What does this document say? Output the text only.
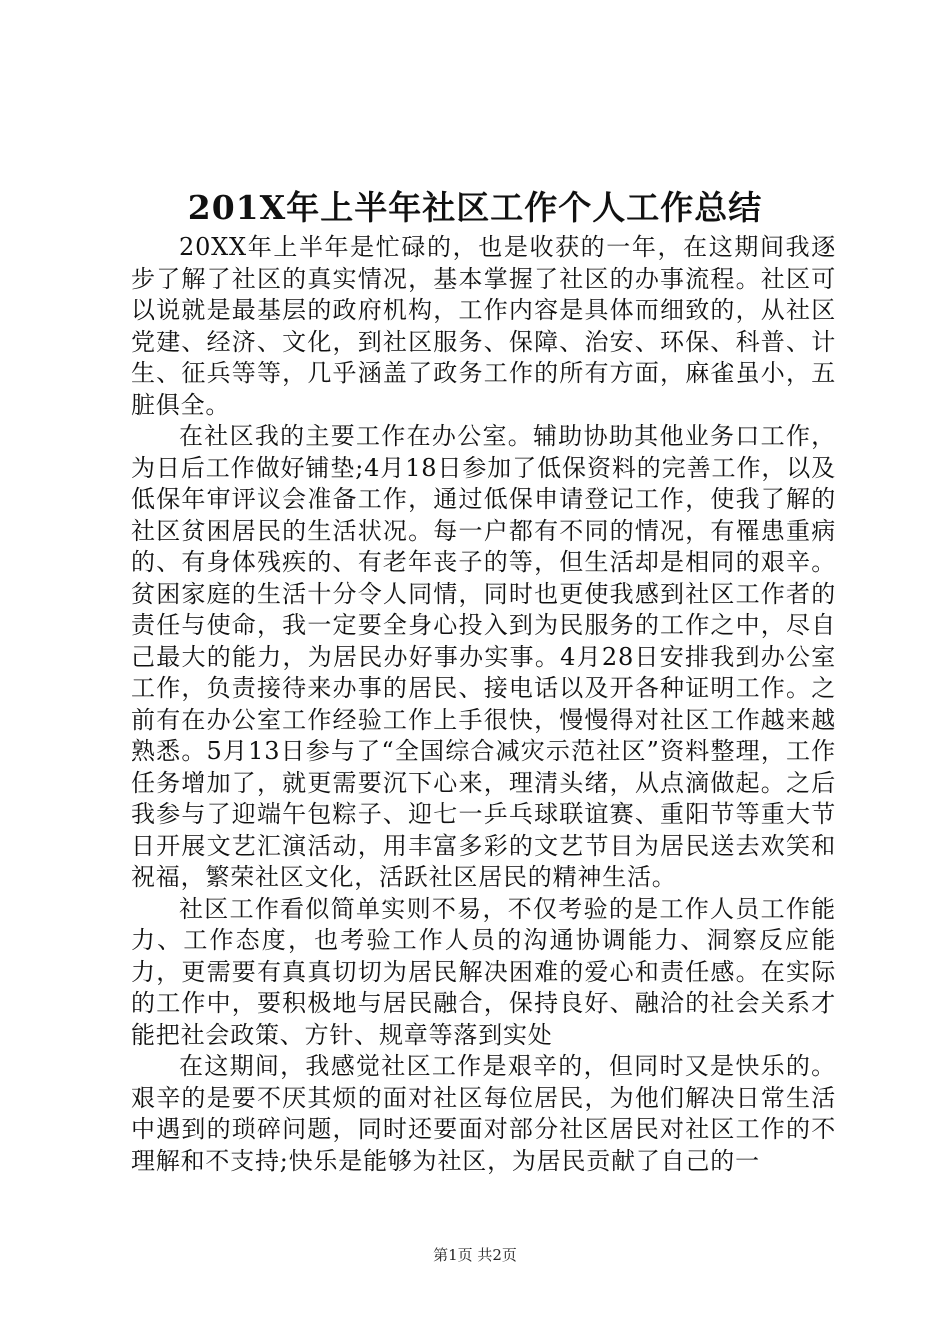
201X年上半年社区工作个人工作总结

20XX年上半年是忙碌的，也是收获的一年，在这期间我逐步了解了社区的真实情况，基本掌握了社区的办事流程。社区可以说就是最基层的政府机构，工作内容是具体而细致的，从社区党建、经济、文化，到社区服务、保障、治安、环保、科普、计生、征兵等等，几乎涵盖了政务工作的所有方面，麻雀虽小，五脏俱全。

在社区我的主要工作在办公室。辅助协助其他业务口工作，为日后工作做好铺垫;4月18日参加了低保资料的完善工作，以及低保年审评议会准备工作，通过低保申请登记工作，使我了解的社区贫困居民的生活状况。每一户都有不同的情况，有罹患重病的、有身体残疾的、有老年丧子的等，但生活却是相同的艰辛。贫困家庭的生活十分令人同情，同时也更使我感到社区工作者的责任与使命，我一定要全身心投入到为民服务的工作之中，尽自己最大的能力，为居民办好事办实事。4月28日安排我到办公室工作，负责接待来办事的居民、接电话以及开各种证明工作。之前有在办公室工作经验工作上手很快，慢慢得对社区工作越来越熟悉。5月13日参与了“全国综合减灾示范社区”资料整理，工作任务增加了，就更需要沉下心来，理清头绪，从点滴做起。之后我参与了迎端午包粽子、迎七一乒乓球联谊赛、重阳节等重大节日开展文艺汇演活动，用丰富多彩的文艺节目为居民送去欢笑和祝福，繁荣社区文化，活跃社区居民的精神生活。

社区工作看似简单实则不易，不仅考验的是工作人员工作能力、工作态度，也考验工作人员的沟通协调能力、洞察反应能力，更需要有真真切切为居民解决困难的爱心和责任感。在实际的工作中，要积极地与居民融合，保持良好、融洽的社会关系才能把社会政策、方针、规章等落到实处

在这期间，我感觉社区工作是艰辛的，但同时又是快乐的。艰辛的是要不厌其烦的面对社区每位居民，为他们解决日常生活中遇到的琐碎问题，同时还要面对部分社区居民对社区工作的不理解和不支持;快乐是能够为社区，为居民贡献了自己的一

第1页 共2页
